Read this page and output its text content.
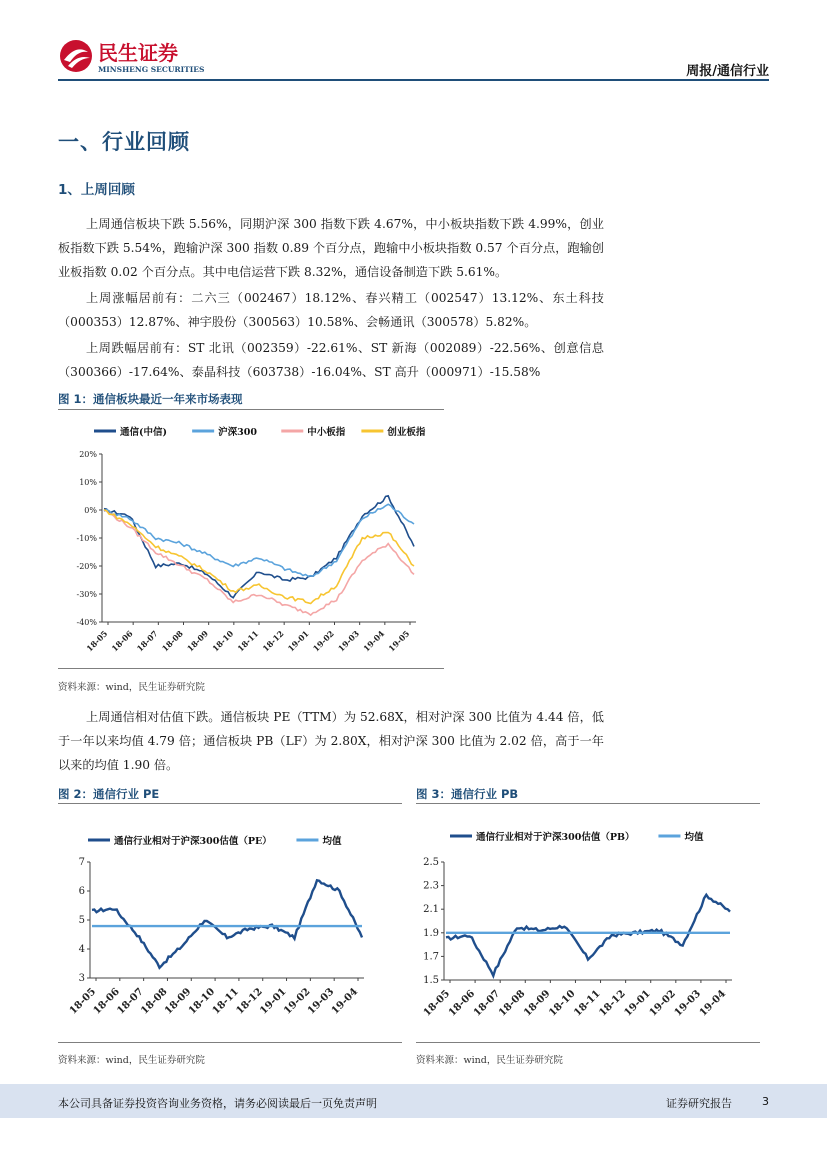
民生证券
MINSHENG SECURITIES	周报/通信行业
一、行业回顾
1、上周回顾
上周通信板块下跌 5.56%，同期沪深 300 指数下跌 4.67%，中小板块指数下跌 4.99%，创业板指数下跌 5.54%，跑输沪深 300 指数 0.89 个百分点，跑输中小板块指数 0.57 个百分点，跑输创业板指数 0.02 个百分点。其中电信运营下跌 8.32%，通信设备制造下跌 5.61%。
上周涨幅居前有：二六三（002467）18.12%、春兴精工（002547）13.12%、东土科技（000353）12.87%、神宇股份（300563）10.58%、会畅通讯（300578）5.82%。
上周跌幅居前有：ST 北讯（002359）-22.61%、ST 新海（002089）-22.56%、创意信息（300366）-17.64%、泰晶科技（603738）-16.04%、ST 高升（000971）-15.58%
图 1：通信板块最近一年来市场表现
20%
10%
0%
-10%
-20%
-30%
-40%
18-05 18-06 18-07 18-08 18-09 18-10 18-11 18-12 19-01 19-02 19-03 19-04 19-05
通信(中信)	沪深300	中小板指	创业板指
资料来源：wind，民生证券研究院
上周通信相对估值下跌。通信板块 PE（TTM）为 52.68X，相对沪深 300 比值为 4.44 倍，低于一年以来均值 4.79 倍；通信板块 PB（LF）为 2.80X，相对沪深 300 比值为 2.02 倍，高于一年以来的均值 1.90 倍。
图 2：通信行业 PE
7
6
5
4
3
18-05
18-06
18-07
18-08
18-09
18-10
18-11
18-12
19-01
19-02
19-03
19-04
通信行业相对于沪深300估值（PE）	均值
资料来源：wind，民生证券研究院
图 3：通信行业 PB
2.5
2.3
2.1
1.9
1.7
1.5
18-05
18-06
18-07
18-08
18-09
18-10
18-11
18-12
19-01
19-02
19-03
19-04
通信行业相对于沪深300估值（PB）	均值
资料来源：wind，民生证券研究院
本公司具备证券投资咨询业务资格，请务必阅读最后一页免责声明	证券研究报告	3
